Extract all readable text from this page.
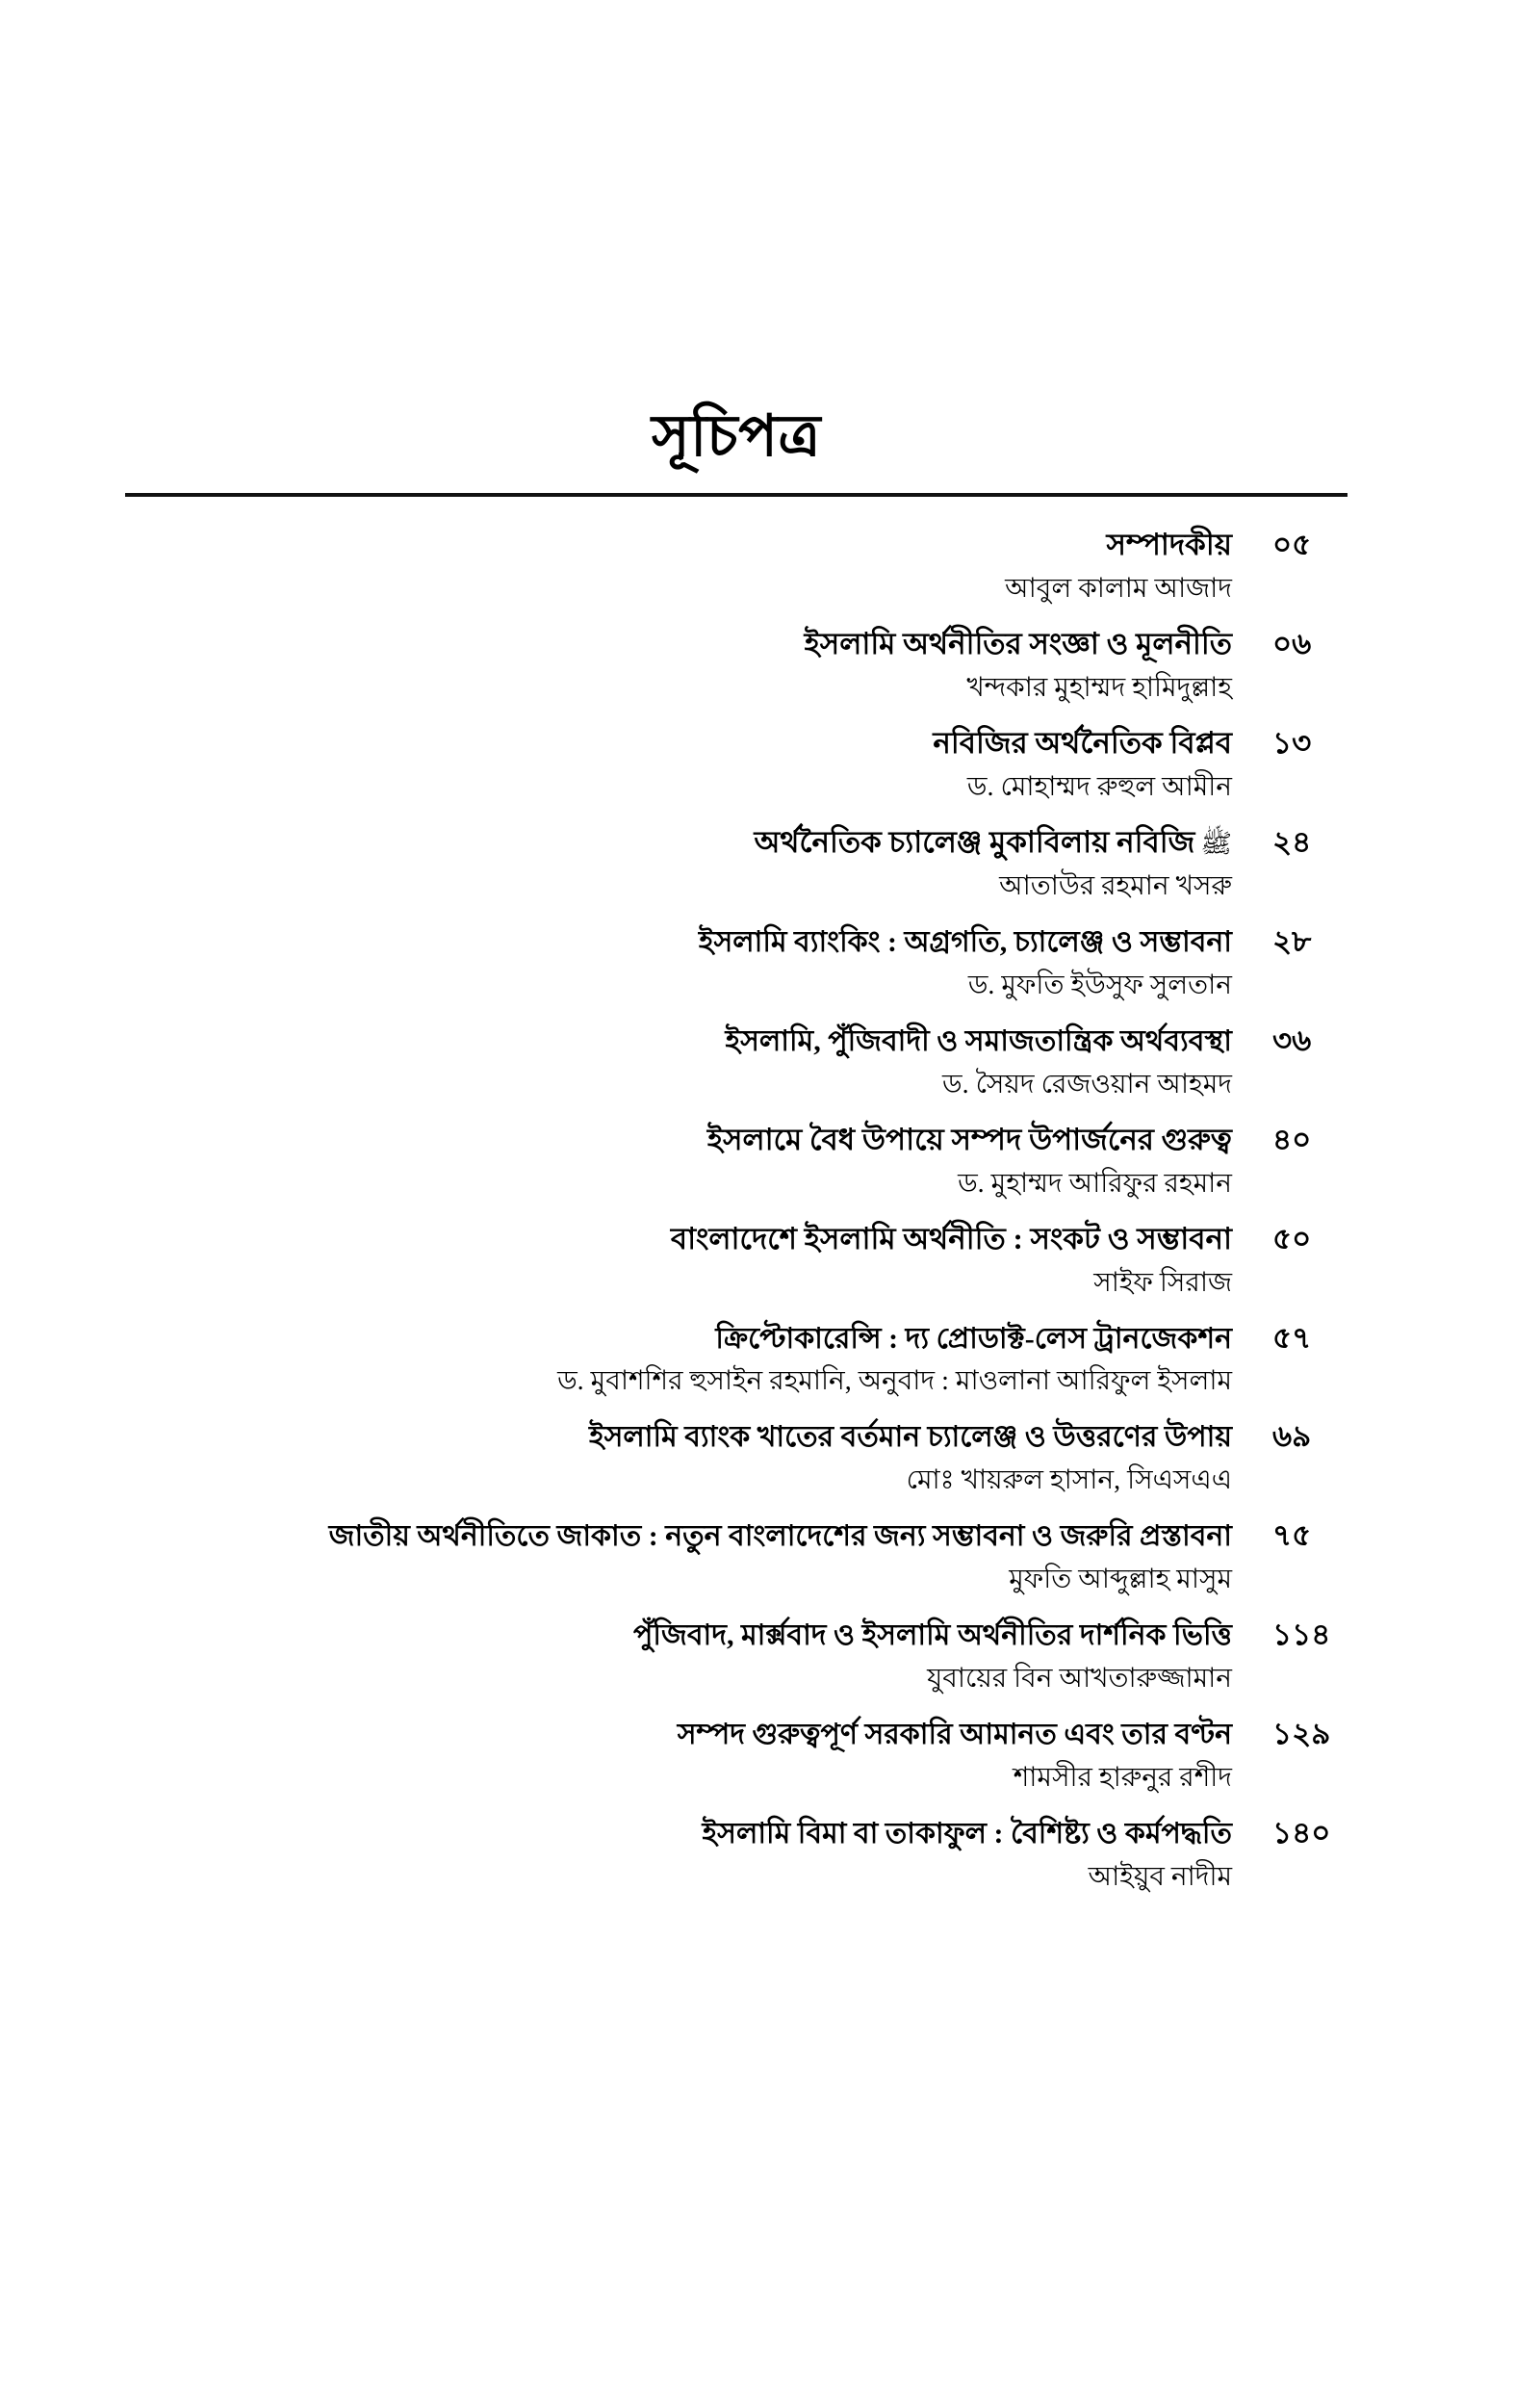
সূচিপত্র
সম্পাদকীয়	০৫
আবুল কালাম আজাদ
ইসলামি অর্থনীতির সংজ্ঞা ও মূলনীতি	০৬
খন্দকার মুহাম্মদ হামিদুল্লাহ
নবিজির অর্থনৈতিক বিপ্লব	১৩
ড. মোহাম্মদ রুহুল আমীন
অর্থনৈতিক চ্যালেঞ্জ মুকাবিলায় নবিজি ﷺ	২৪
আতাউর রহমান খসরু
ইসলামি ব্যাংকিং : অগ্রগতি, চ্যালেঞ্জ ও সম্ভাবনা	২৮
ড. মুফতি ইউসুফ সুলতান
ইসলামি, পুঁজিবাদী ও সমাজতান্ত্রিক অর্থব্যবস্থা	৩৬
ড. সৈয়দ রেজওয়ান আহমদ
ইসলামে বৈধ উপায়ে সম্পদ উপার্জনের গুরুত্ব	৪০
ড. মুহাম্মদ আরিফুর রহমান
বাংলাদেশে ইসলামি অর্থনীতি : সংকট ও সম্ভাবনা	৫০
সাইফ সিরাজ
ক্রিপ্টোকারেন্সি : দ্য প্রোডাক্ট-লেস ট্রানজেকশন	৫৭
ড. মুবাশশির হুসাইন রহমানি, অনুবাদ : মাওলানা আরিফুল ইসলাম
ইসলামি ব্যাংক খাতের বর্তমান চ্যালেঞ্জ ও উত্তরণের উপায়	৬৯
মোঃ খায়রুল হাসান, সিএসএএ
জাতীয় অর্থনীতিতে জাকাত : নতুন বাংলাদেশের জন্য সম্ভাবনা ও জরুরি প্রস্তাবনা	৭৫
মুফতি আব্দুল্লাহ মাসুম
পুঁজিবাদ, মার্ক্সবাদ ও ইসলামি অর্থনীতির দার্শনিক ভিত্তি	১১৪
যুবায়ের বিন আখতারুজ্জামান
সম্পদ গুরুত্বপূর্ণ সরকারি আমানত এবং তার বণ্টন	১২৯
শামসীর হারুনুর রশীদ
ইসলামি বিমা বা তাকাফুল : বৈশিষ্ট্য ও কর্মপদ্ধতি	১৪০
আইয়ুব নাদীম
